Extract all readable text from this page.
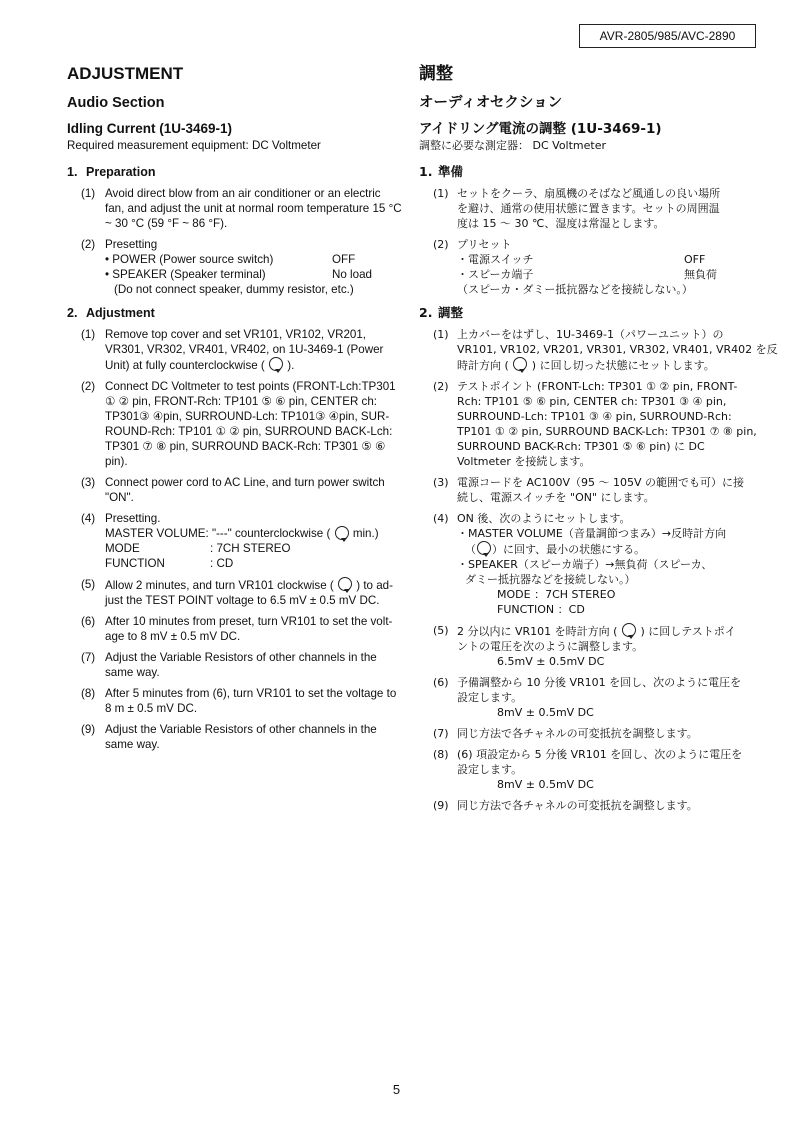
AVR-2805/985/AVC-2890
ADJUSTMENT
Audio Section
Idling Current (1U-3469-1)

Required measurement equipment: DC Voltmeter

1. Preparation
(1) Avoid direct blow from an air conditioner or an electric
fan, and adjust the unit at normal room temperature 15 °C
~ 30 °C (59 °F ~ 86 °F).
(2) Presetting
• POWER (Power source switch)	OFF
• SPEAKER (Speaker terminal)	No load
(Do not connect speaker, dummy resistor, etc.)
2. Adjustment
(1) Remove top cover and set VR101, VR102, VR201,
VR301, VR302, VR401, VR402, on 1U-3469-1 (Power
Unit) at fully counterclockwise ( ).
(2) Connect DC Voltmeter to test points (FRONT-Lch:TP301
① ② pin, FRONT-Rch: TP101 ⑤ ⑥ pin, CENTER ch:
TP301③ ④pin, SURROUND-Lch: TP101③ ④pin, SUR-
ROUND-Rch: TP101 ① ② pin, SURROUND BACK-Lch:
TP301 ⑦ ⑧ pin, SURROUND BACK-Rch: TP301 ⑤ ⑥
pin).
(3) Connect power cord to AC Line, and turn power switch
"ON".
(4) Presetting.
MASTER VOLUME : "---" counterclockwise (

min.)
MODE	: 7CH STEREO
FUNCTION	: CD
(5) Allow 2 minutes, and turn VR101 clockwise ( ) to ad-
just the TEST POINT voltage to 6.5 mV ± 0.5 mV DC.
(6) After 10 minutes from preset, turn VR101 to set the volt-
age to 8 mV ± 0.5 mV DC.
(7) Adjust the Variable Resistors of other channels in the
same way.
(8) After 5 minutes from (6), turn VR101 to set the voltage to
8 m ± 0.5 mV DC.
(9) Adjust the Variable Resistors of other channels in the
same way.
調整
オーディオセクション
アイドリング電流の調整 (1U-3469-1)

調整に必要な測定器： DC Voltmeter

1. 準備
(1) セットをクーラ、扇風機のそばなど風通しの良い場所
を避け、通常の使用状態に置きます。セットの周囲温
度は 15 〜 30 ℃、湿度は常湿とします。
(2) プリセット
・電源スイッチ	OFF
・スピーカ端子	無負荷
（スピーカ・ダミー抵抗器などを接続しない。）
2. 調整
(1) 上カバーをはずし、1U-3469-1（パワーユニット）の
VR101, VR102, VR201, VR301, VR302, VR401, VR402 を反
時計方向 ( ) に回し切った状態にセットします。
(2) テストポイント (FRONT-Lch: TP301 ① ② pin, FRONT-
Rch: TP101 ⑤ ⑥ pin, CENTER ch: TP301 ③ ④ pin,
SURROUND-Lch: TP101 ③ ④ pin, SURROUND-Rch:
TP101 ① ② pin, SURROUND BACK-Lch: TP301 ⑦ ⑧ pin,
SURROUND BACK-Rch: TP301 ⑤ ⑥ pin) に DC
Voltmeter を接続します。
(3) 電源コードを AC100V（95 〜 105V の範囲でも可）に接
続し、電源スイッチを "ON" にします。
(4) ON 後、次のようにセットします。
・MASTER VOLUME（音量調節つまみ）→反時計方向
（ ）に回す、最小の状態にする。
・SPEAKER（スピーカ端子）→無負荷（スピーカ、
ダミー抵抗器などを接続しない。）
MODE ：7CH STEREO
FUNCTION ：CD
(5) 2 分以内に VR101 を時計方向 ( ) に回しテストポイ
ントの電圧を次のように調整します。
6.5mV ± 0.5mV DC
(6) 予備調整から 10 分後 VR101 を回し、次のように電圧を
設定します。
8mV ± 0.5mV DC
(7) 同じ方法で各チャネルの可変抵抗を調整します。
(8) (6) 項設定から 5 分後 VR101 を回し、次のように電圧を
設定します。
8mV ± 0.5mV DC
(9) 同じ方法で各チャネルの可変抵抗を調整します。
5
